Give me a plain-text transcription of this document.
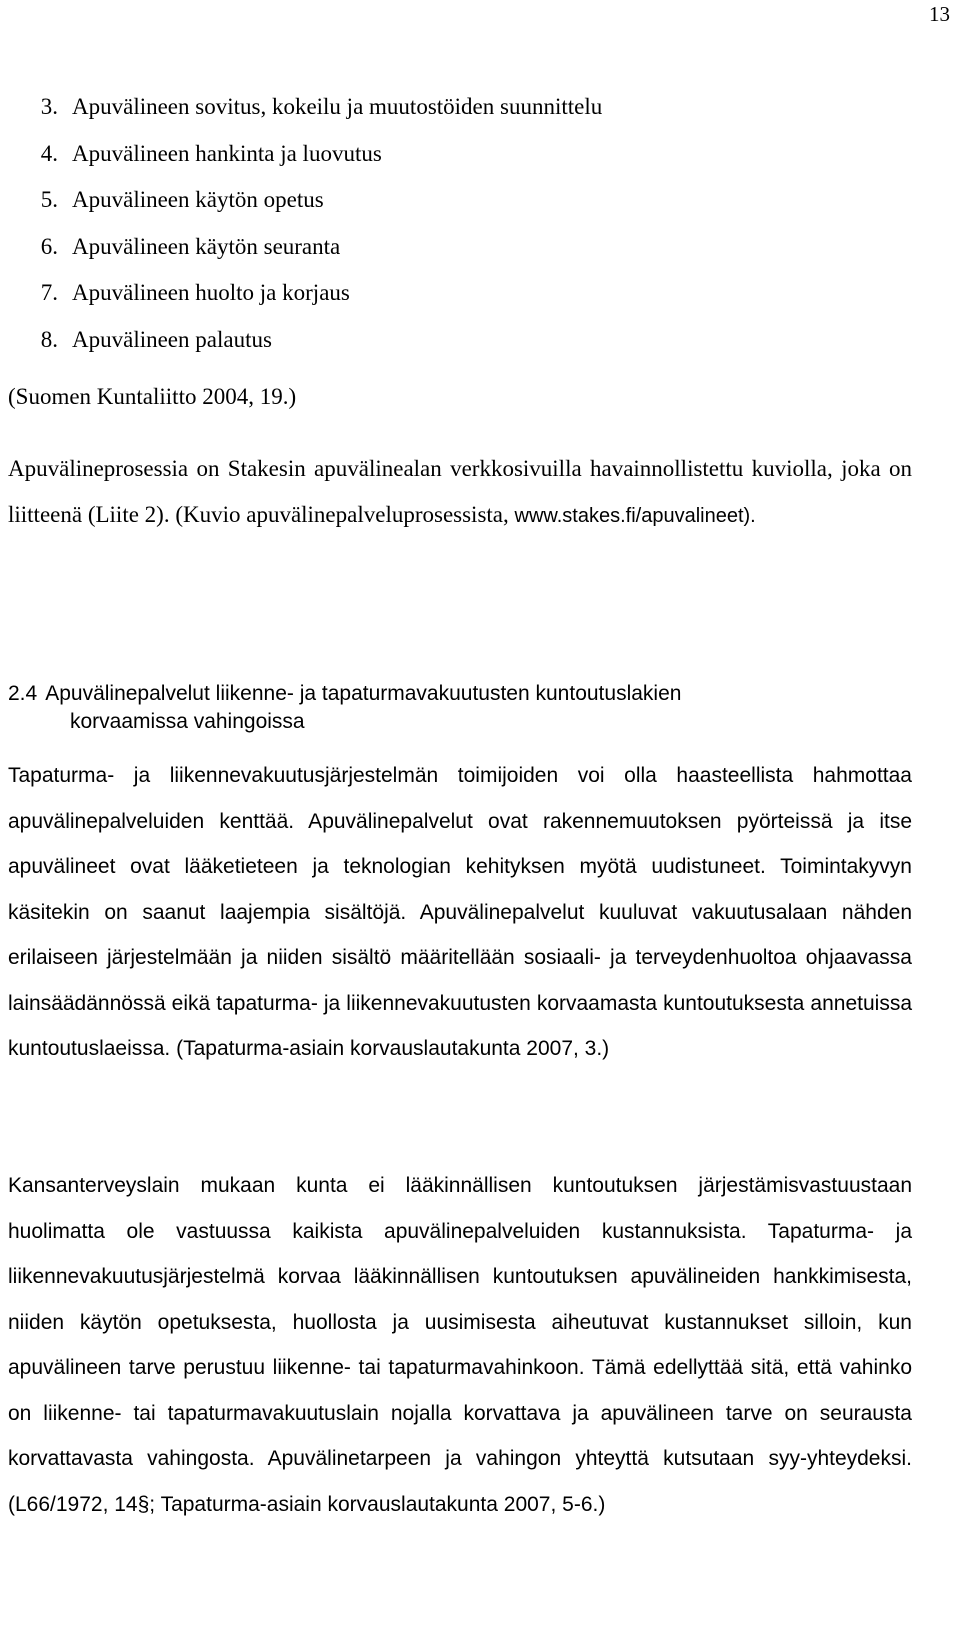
13
3. Apuvälineen sovitus, kokeilu ja muutostöiden suunnittelu
4. Apuvälineen hankinta ja luovutus
5. Apuvälineen käytön opetus
6. Apuvälineen käytön seuranta
7. Apuvälineen huolto ja korjaus
8. Apuvälineen palautus
(Suomen Kuntaliitto 2004, 19.)

Apuvälineprosessia on Stakesin apuvälinealan verkkosivuilla havainnollistettu kuviolla, joka on liitteenä (Liite 2). (Kuvio apuvälinepalveluprosessista, www.stakes.fi/apuvalineet).

2.4 Apuvälinepalvelut liikenne- ja tapaturmavakuutusten kuntoutuslakien
korvaamissa vahingoissa

Tapaturma- ja liikennevakuutusjärjestelmän toimijoiden voi olla haasteellista hahmottaa apuvälinepalveluiden kenttää. Apuvälinepalvelut ovat rakennemuutoksen pyörteissä ja itse apuvälineet ovat lääketieteen ja teknologian kehityksen myötä uudistuneet. Toimintakyvyn käsitekin on saanut laajempia sisältöjä. Apuvälinepalvelut kuuluvat vakuutusalaan nähden erilaiseen järjestelmään ja niiden sisältö määritellään sosiaali- ja terveydenhuoltoa ohjaavassa lainsäädännössä eikä tapaturma- ja liikennevakuutusten korvaamasta kuntoutuksesta annetuissa kuntoutuslaeissa. (Tapaturma-asiain korvauslautakunta 2007, 3.)

Kansanterveyslain mukaan kunta ei lääkinnällisen kuntoutuksen järjestämisvastuustaan huolimatta ole vastuussa kaikista apuvälinepalveluiden kustannuksista. Tapaturma- ja liikennevakuutusjärjestelmä korvaa lääkinnällisen kuntoutuksen apuvälineiden hankkimisesta, niiden käytön opetuksesta, huollosta ja uusimisesta aiheutuvat kustannukset silloin, kun apuvälineen tarve perustuu liikenne- tai tapaturmavahinkoon. Tämä edellyttää sitä, että vahinko on liikenne- tai tapaturmavakuutuslain nojalla korvattava ja apuvälineen tarve on seurausta korvattavasta vahingosta. Apuvälinetarpeen ja vahingon yhteyttä kutsutaan syy-yhteydeksi. (L66/1972, 14§; Tapaturma-asiain korvauslautakunta 2007, 5-6.)
